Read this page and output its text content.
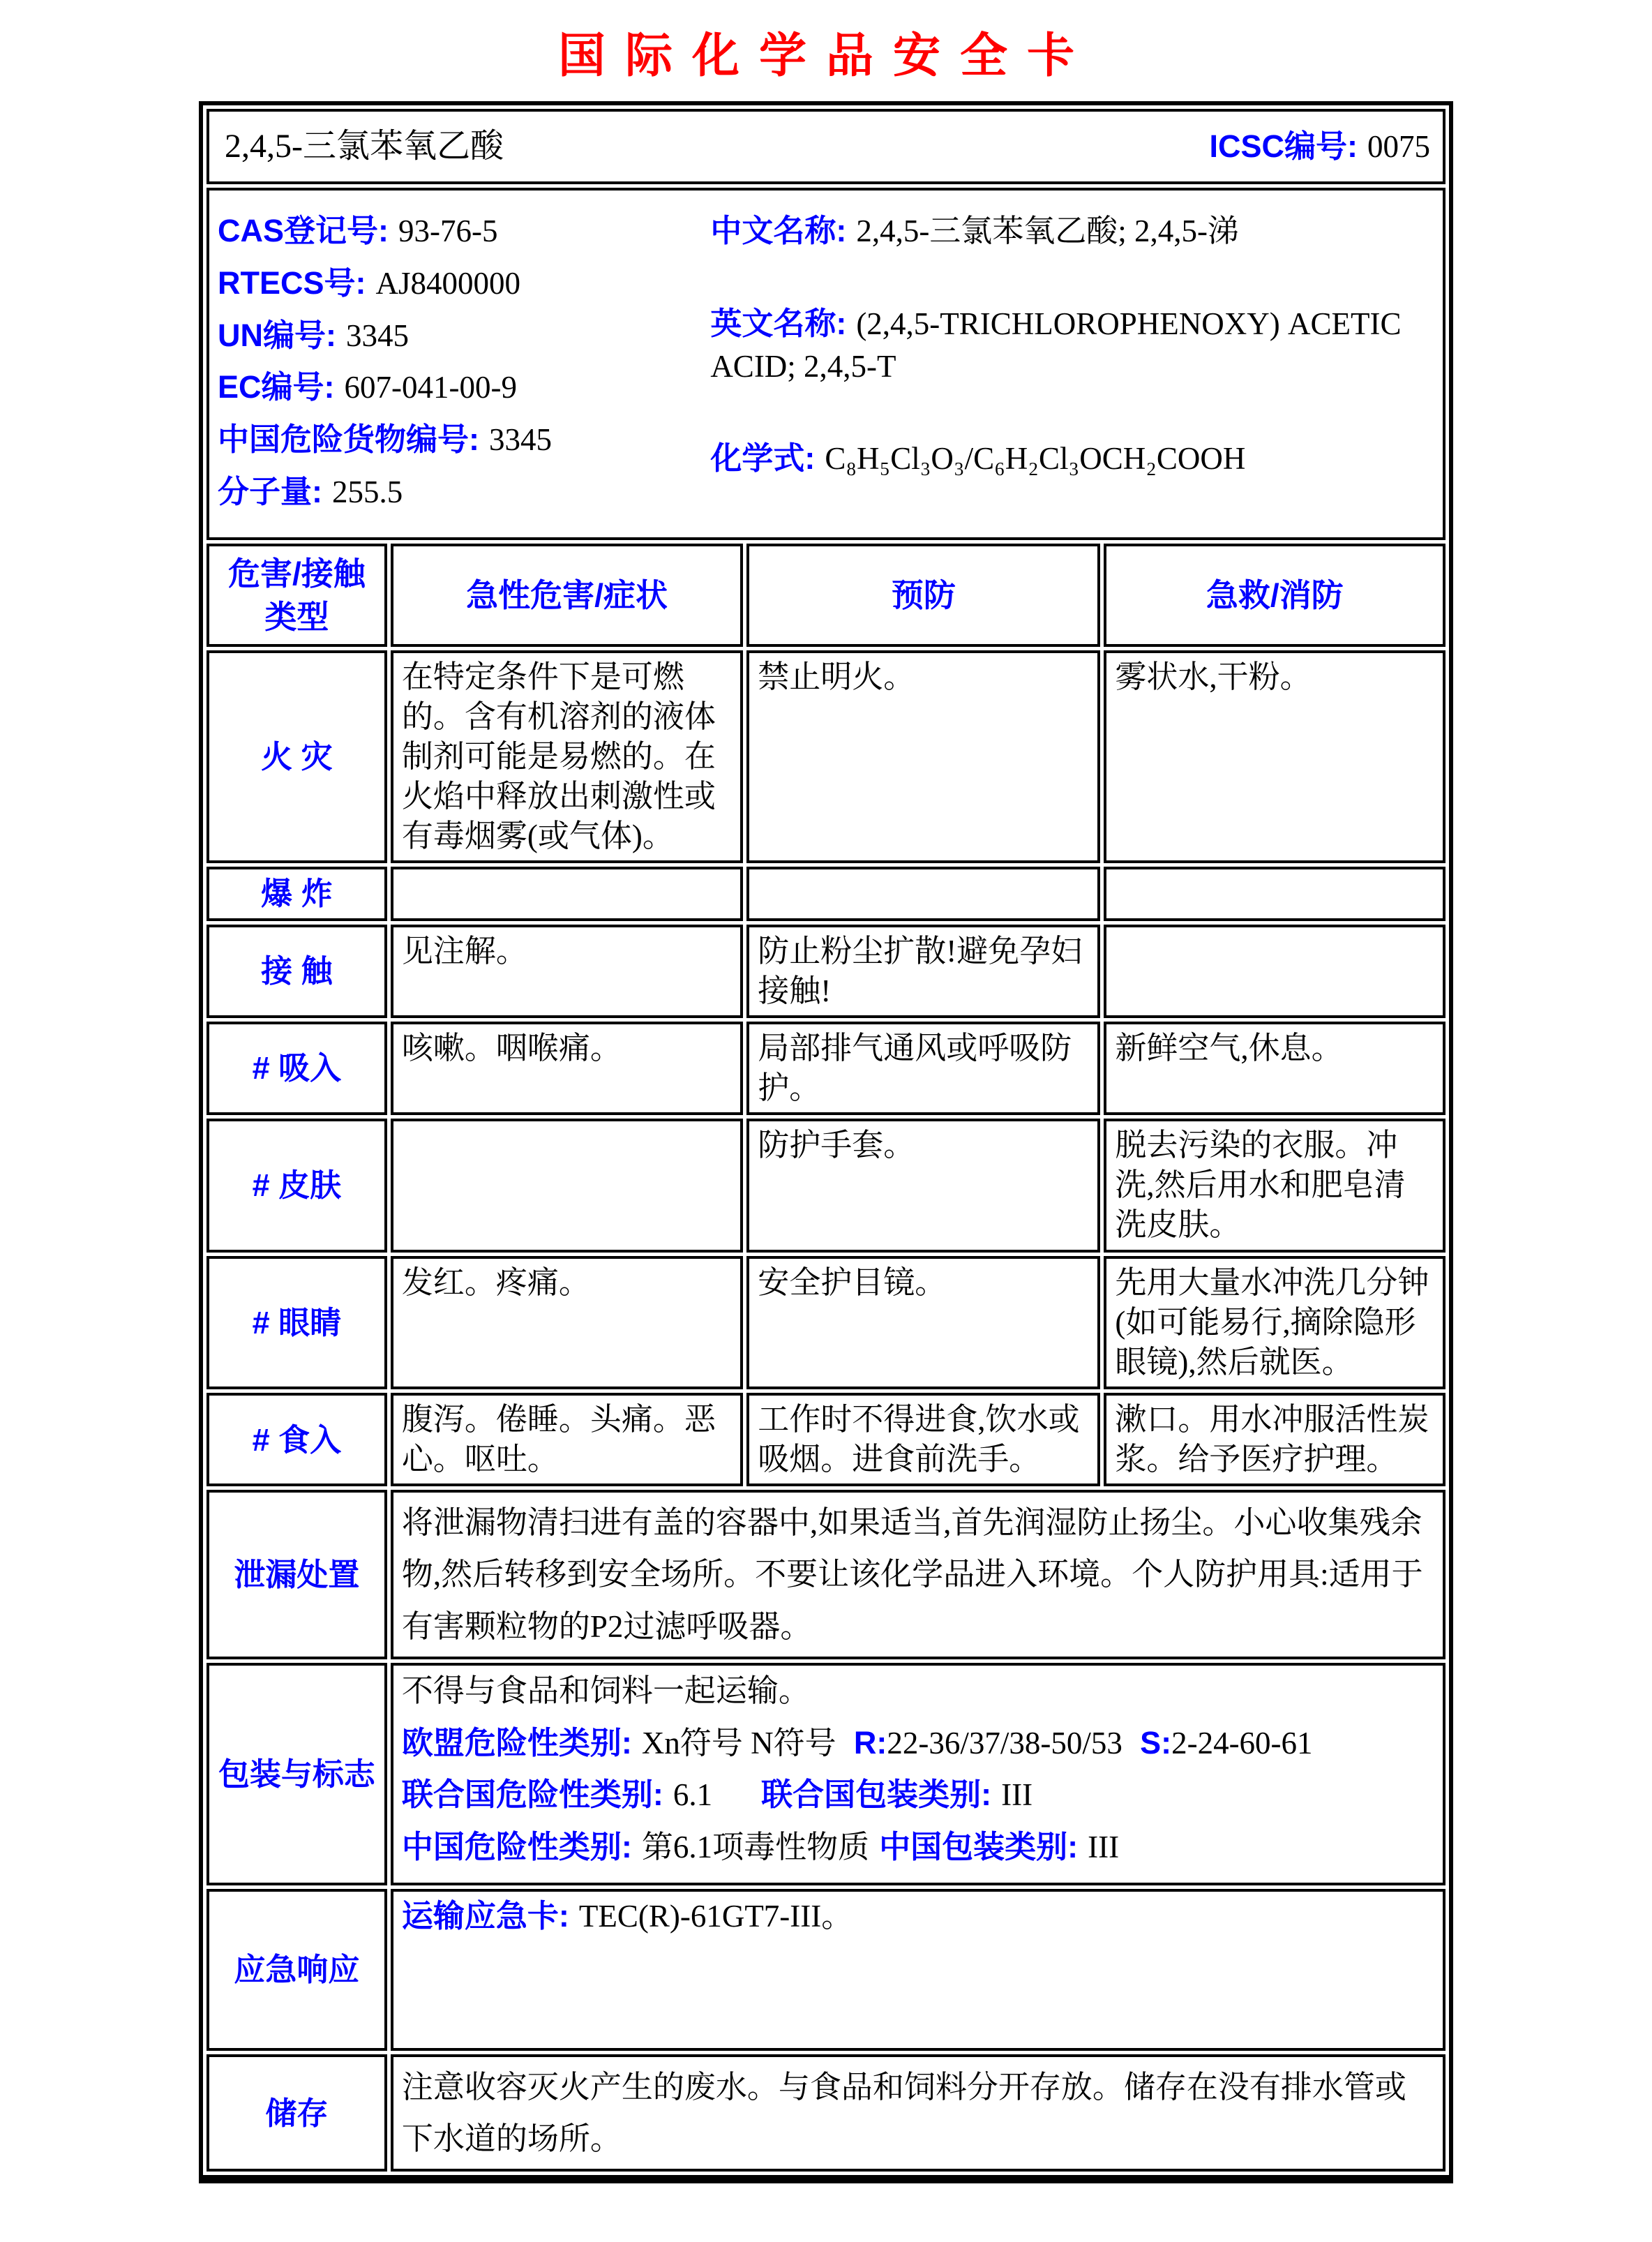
国际化学品安全卡
2,4,5-三氯苯氧乙酸 ICSC编号: 0075			

CAS登记号: 93-76-5
RTECS号: AJ8400000
UN编号: 3345
EC编号: 607-041-00-9
中国危险货物编号: 3345
分子量: 255.5
中文名称: 2,4,5-三氯苯氧乙酸; 2,4,5-涕
英文名称: (2,4,5-TRICHLOROPHENOXY) ACETIC ACID; 2,4,5-T
化学式: C₈H₅Cl₃O₃/C₆H₂Cl₃OCH₂COOH

危害/接触类型	急性危害/症状	预防	急救/消防
火 灾	在特定条件下是可燃的。含有机溶剂的液体制剂可能是易燃的。在火焰中释放出刺激性或有毒烟雾(或气体)。	禁止明火。	雾状水,干粉。
爆 炸			
接 触	见注解。	防止粉尘扩散!避免孕妇接触!	
# 吸入	咳嗽。咽喉痛。	局部排气通风或呼吸防护。	新鲜空气,休息。
# 皮肤		防护手套。	脱去污染的衣服。冲洗,然后用水和肥皂清洗皮肤。
# 眼睛	发红。疼痛。	安全护目镜。	先用大量水冲洗几分钟(如可能易行,摘除隐形眼镜),然后就医。
# 食入	腹泻。倦睡。头痛。恶心。呕吐。	工作时不得进食,饮水或吸烟。进食前洗手。	漱口。用水冲服活性炭浆。给予医疗护理。
泄漏处置	将泄漏物清扫进有盖的容器中,如果适当,首先润湿防止扬尘。小心收集残余物,然后转移到安全场所。不要让该化学品进入环境。个人防护用具:适用于有害颗粒物的P2过滤呼吸器。		
包装与标志	不得与食品和饲料一起运输。
欧盟危险性类别: Xn符号 N符号 R:22-36/37/38-50/53 S:2-24-60-61
联合国危险性类别: 6.1 联合国包装类别: III
中国危险性类别: 第6.1项毒性物质 中国包装类别: III		

应急响应	运输应急卡: TEC(R)-61GT7-III。		
储存	注意收容灭火产生的废水。与食品和饲料分开存放。储存在没有排水管或下水道的场所。		
